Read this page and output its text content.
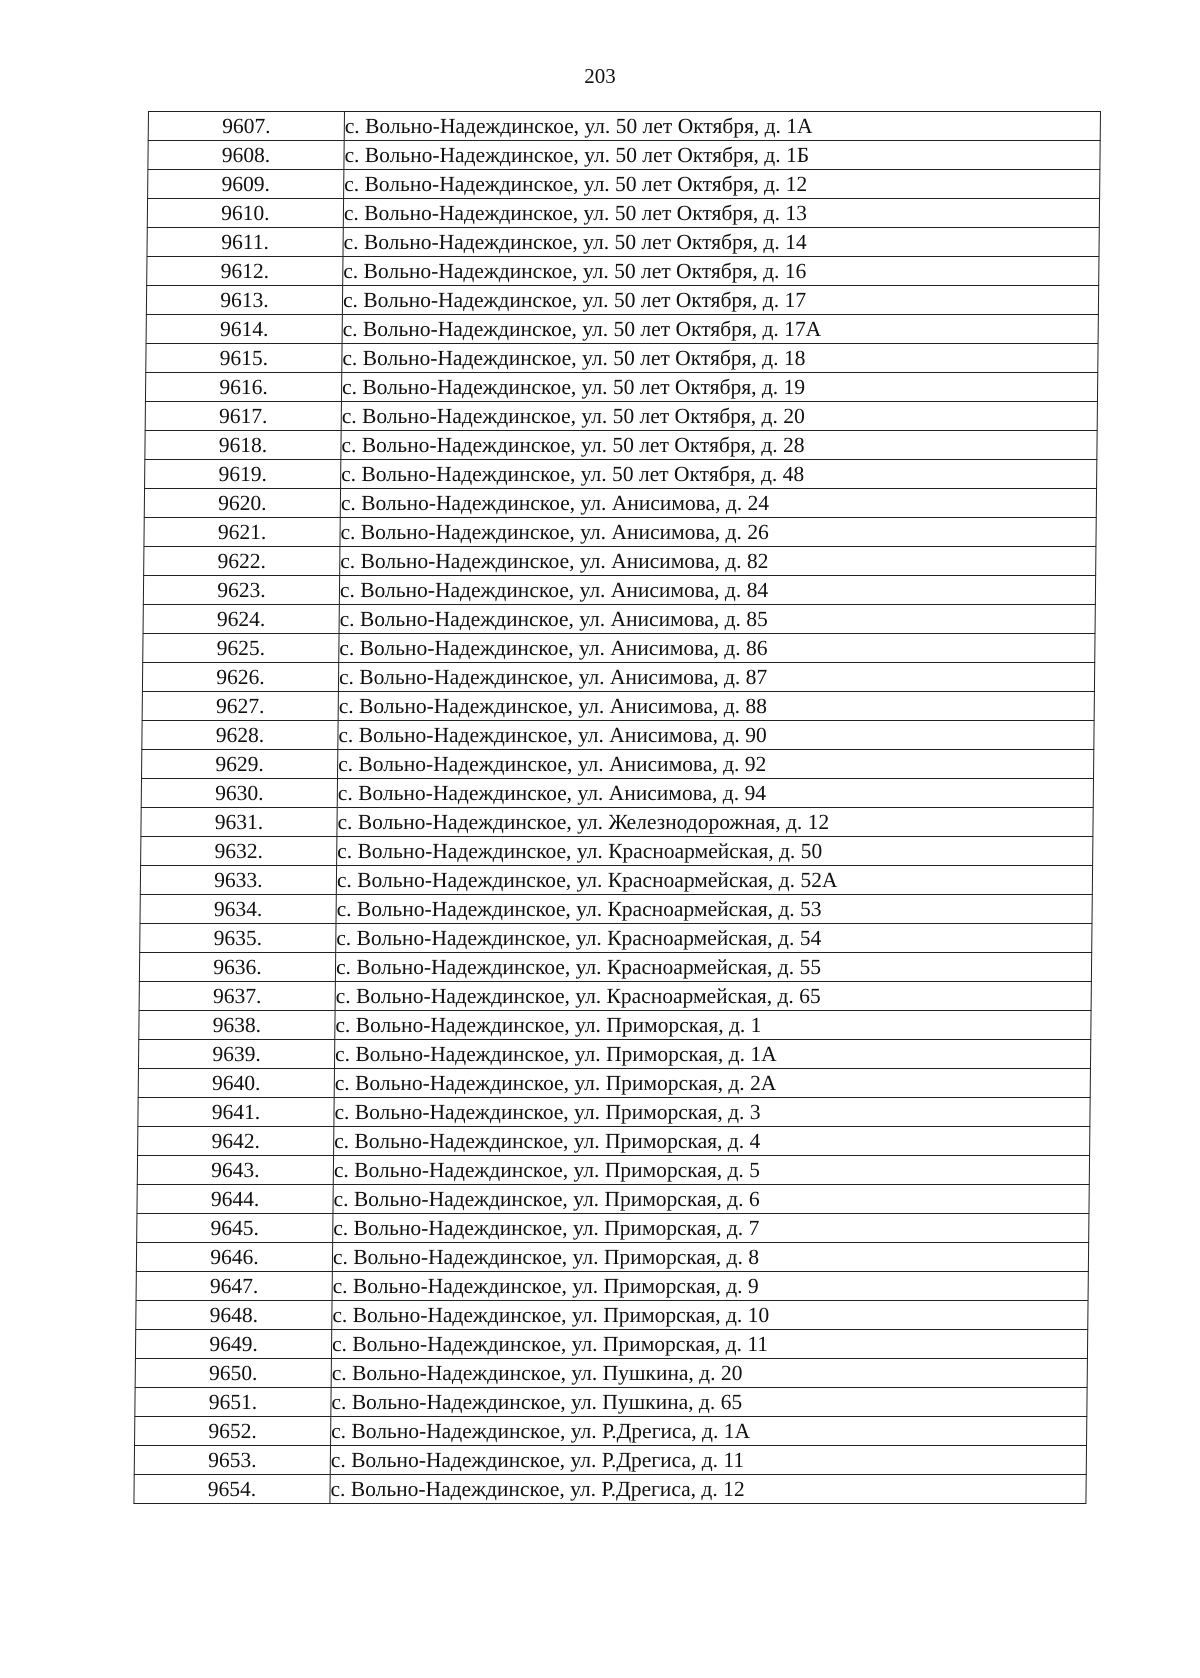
203
9607.	с. Вольно-Надеждинское, ул. 50 лет Октября, д. 1А
9608.	с. Вольно-Надеждинское, ул. 50 лет Октября, д. 1Б
9609.	с. Вольно-Надеждинское, ул. 50 лет Октября, д. 12
9610.	с. Вольно-Надеждинское, ул. 50 лет Октября, д. 13
9611.	с. Вольно-Надеждинское, ул. 50 лет Октября, д. 14
9612.	с. Вольно-Надеждинское, ул. 50 лет Октября, д. 16
9613.	с. Вольно-Надеждинское, ул. 50 лет Октября, д. 17
9614.	с. Вольно-Надеждинское, ул. 50 лет Октября, д. 17А
9615.	с. Вольно-Надеждинское, ул. 50 лет Октября, д. 18
9616.	с. Вольно-Надеждинское, ул. 50 лет Октября, д. 19
9617.	с. Вольно-Надеждинское, ул. 50 лет Октября, д. 20
9618.	с. Вольно-Надеждинское, ул. 50 лет Октября, д. 28
9619.	с. Вольно-Надеждинское, ул. 50 лет Октября, д. 48
9620.	с. Вольно-Надеждинское, ул. Анисимова, д. 24
9621.	с. Вольно-Надеждинское, ул. Анисимова, д. 26
9622.	с. Вольно-Надеждинское, ул. Анисимова, д. 82
9623.	с. Вольно-Надеждинское, ул. Анисимова, д. 84
9624.	с. Вольно-Надеждинское, ул. Анисимова, д. 85
9625.	с. Вольно-Надеждинское, ул. Анисимова, д. 86
9626.	с. Вольно-Надеждинское, ул. Анисимова, д. 87
9627.	с. Вольно-Надеждинское, ул. Анисимова, д. 88
9628.	с. Вольно-Надеждинское, ул. Анисимова, д. 90
9629.	с. Вольно-Надеждинское, ул. Анисимова, д. 92
9630.	с. Вольно-Надеждинское, ул. Анисимова, д. 94
9631.	с. Вольно-Надеждинское, ул. Железнодорожная, д. 12
9632.	с. Вольно-Надеждинское, ул. Красноармейская, д. 50
9633.	с. Вольно-Надеждинское, ул. Красноармейская, д. 52А
9634.	с. Вольно-Надеждинское, ул. Красноармейская, д. 53
9635.	с. Вольно-Надеждинское, ул. Красноармейская, д. 54
9636.	с. Вольно-Надеждинское, ул. Красноармейская, д. 55
9637.	с. Вольно-Надеждинское, ул. Красноармейская, д. 65
9638.	с. Вольно-Надеждинское, ул. Приморская, д. 1
9639.	с. Вольно-Надеждинское, ул. Приморская, д. 1А
9640.	с. Вольно-Надеждинское, ул. Приморская, д. 2А
9641.	с. Вольно-Надеждинское, ул. Приморская, д. 3
9642.	с. Вольно-Надеждинское, ул. Приморская, д. 4
9643.	с. Вольно-Надеждинское, ул. Приморская, д. 5
9644.	с. Вольно-Надеждинское, ул. Приморская, д. 6
9645.	с. Вольно-Надеждинское, ул. Приморская, д. 7
9646.	с. Вольно-Надеждинское, ул. Приморская, д. 8
9647.	с. Вольно-Надеждинское, ул. Приморская, д. 9
9648.	с. Вольно-Надеждинское, ул. Приморская, д. 10
9649.	с. Вольно-Надеждинское, ул. Приморская, д. 11
9650.	с. Вольно-Надеждинское, ул. Пушкина, д. 20
9651.	с. Вольно-Надеждинское, ул. Пушкина, д. 65
9652.	с. Вольно-Надеждинское, ул. Р.Дрегиса, д. 1А
9653.	с. Вольно-Надеждинское, ул. Р.Дрегиса, д. 11
9654.	с. Вольно-Надеждинское, ул. Р.Дрегиса, д. 12
